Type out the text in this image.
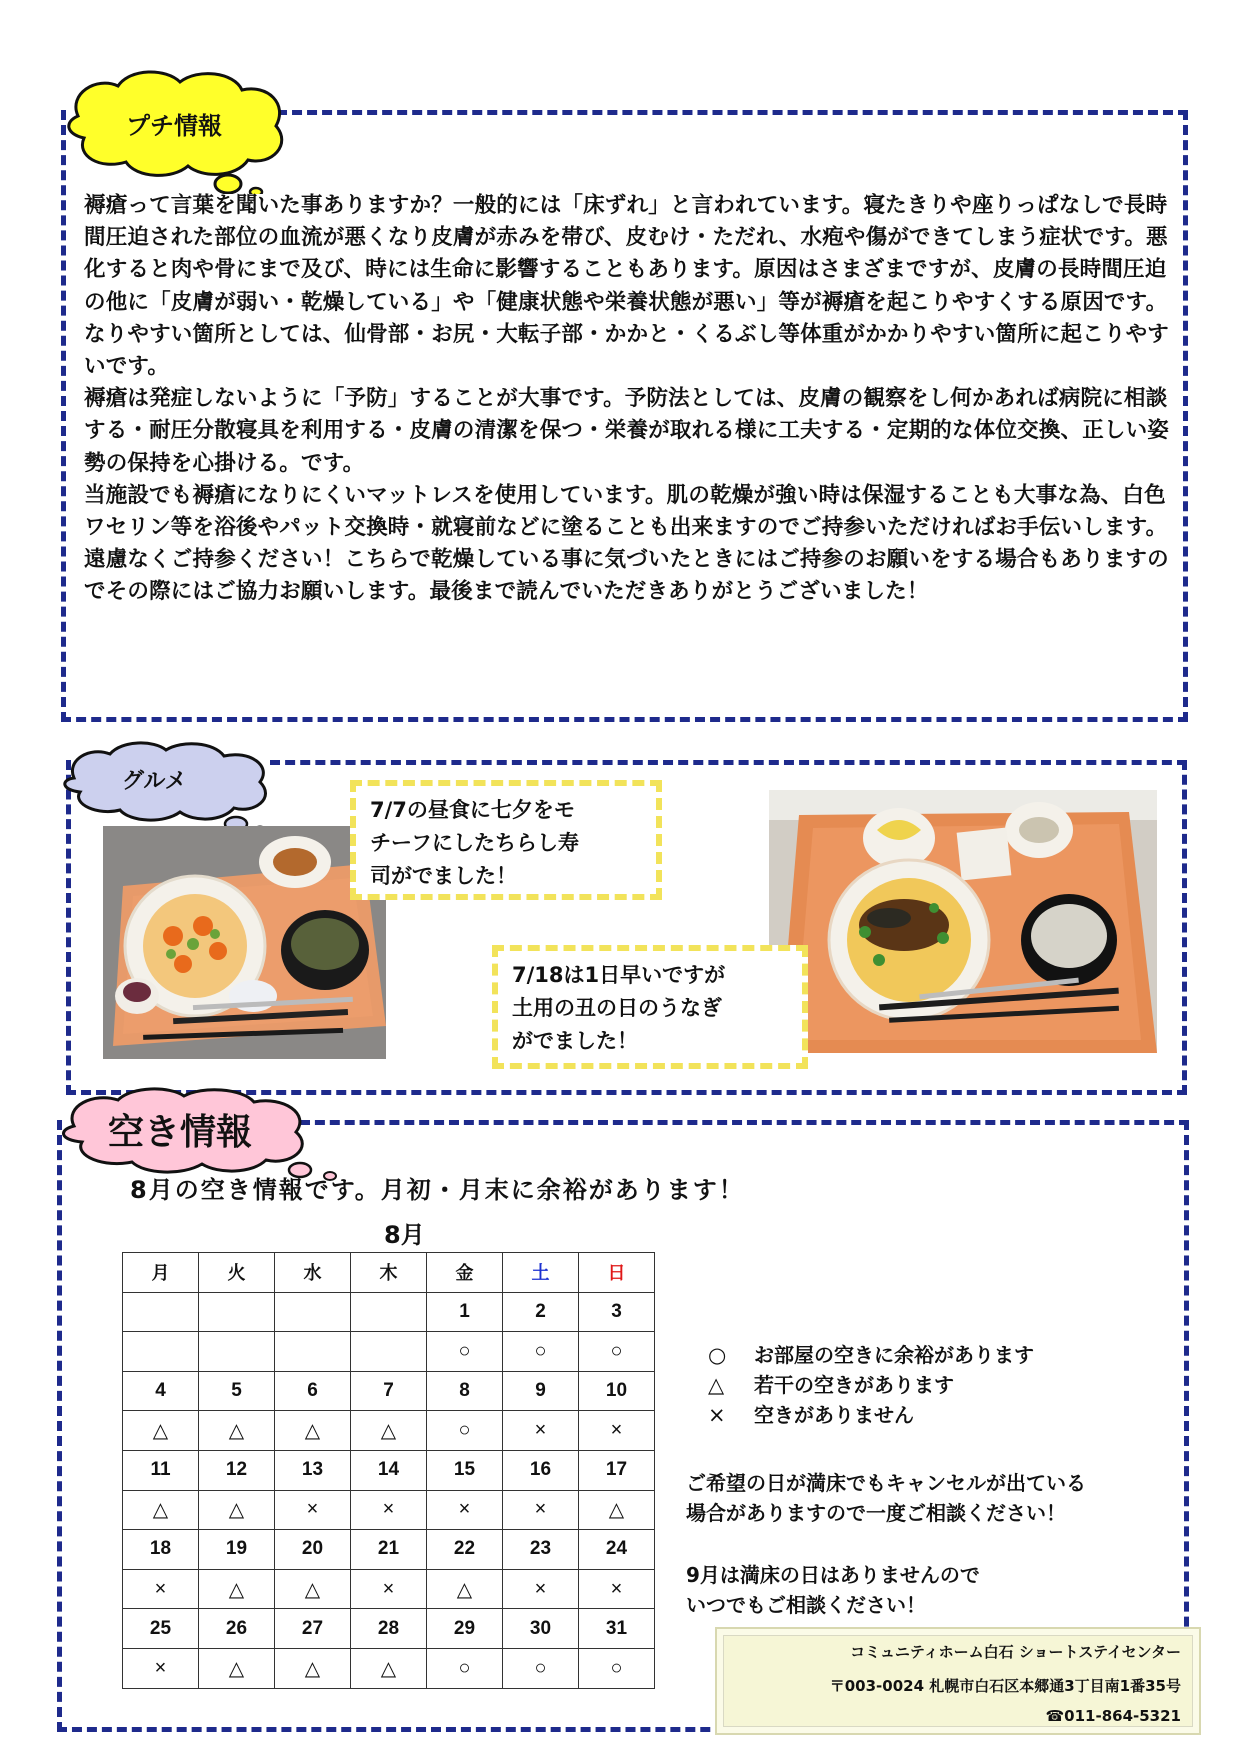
プチ情報

褥瘡って言葉を聞いた事ありますか？一般的には「床ずれ」と言われています。寝たきりや座りっぱなしで長時間圧迫された部位の血流が悪くなり皮膚が赤みを帯び、皮むけ・ただれ、水疱や傷ができてしまう症状です。悪化すると肉や骨にまで及び、時には生命に影響することもあります。原因はさまざまですが、皮膚の長時間圧迫の他に「皮膚が弱い・乾燥している」や「健康状態や栄養状態が悪い」等が褥瘡を起こりやすくする原因です。なりやすい箇所としては、仙骨部・お尻・大転子部・かかと・くるぶし等体重がかかりやすい箇所に起こりやすいです。

褥瘡は発症しないように「予防」することが大事です。予防法としては、皮膚の観察をし何かあれば病院に相談する・耐圧分散寝具を利用する・皮膚の清潔を保つ・栄養が取れる様に工夫する・定期的な体位交換、正しい姿勢の保持を心掛ける。です。

当施設でも褥瘡になりにくいマットレスを使用しています。肌の乾燥が強い時は保湿することも大事な為、白色ワセリン等を浴後やパット交換時・就寝前などに塗ることも出来ますのでご持参いただければお手伝いします。遠慮なくご持参ください！こちらで乾燥している事に気づいたときにはご持参のお願いをする場合もありますのでその際にはご協力お願いします。最後まで読んでいただきありがとうございました！

グルメ
7/7の昼食に七夕をモ
チーフにしたちらし寿
司がでました！
7/18は1日早いですが
土用の丑の日のうなぎ
がでました！
空き情報
8月の空き情報です。月初・月末に余裕があります！
8月
月	火	水	木	金	土	日
				1	2	3
				○	○	○
4	5	6	7	8	9	10
△	△	△	△	○	×	×
11	12	13	14	15	16	17
△	△	×	×	×	×	△
18	19	20	21	22	23	24
×	△	△	×	△	×	×
25	26	27	28	29	30	31
×	△	△	△	○	○	○
○ お部屋の空きに余裕があります
△ 若干の空きがあります
× 空きがありません
ご希望の日が満床でもキャンセルが出ている
場合がありますので一度ご相談ください！
9月は満床の日はありませんので
いつでもご相談ください！
コミュニティホーム白石 ショートステイセンター
〒003-0024 札幌市白石区本郷通3丁目南1番35号
☎011-864-5321
